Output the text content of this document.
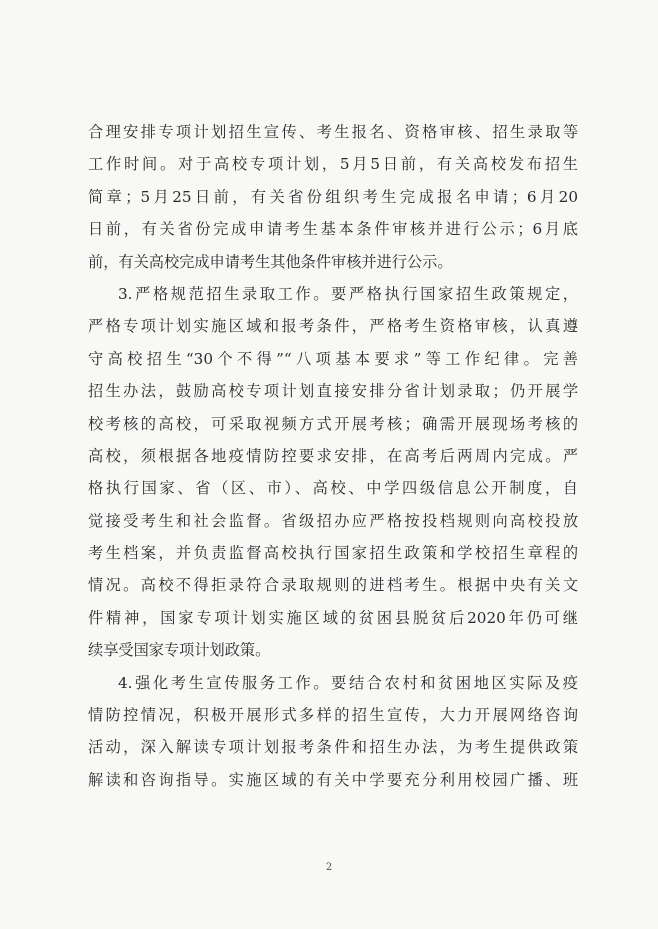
合理安排专项计划招生宣传、考生报名、资格审核、招生录取等
工作时间。对于高校专项计划，5月5日前，有关高校发布招生
简章；5月25日前，有关省份组织考生完成报名申请；6月20
日前，有关省份完成申请考生基本条件审核并进行公示；6月底
前，有关高校完成申请考生其他条件审核并进行公示。
3.严格规范招生录取工作。要严格执行国家招生政策规定，
严格专项计划实施区域和报考条件，严格考生资格审核，认真遵
守高校招生“30个不得”“八项基本要求”等工作纪律。完善
招生办法，鼓励高校专项计划直接安排分省计划录取；仍开展学
校考核的高校，可采取视频方式开展考核；确需开展现场考核的
高校，须根据各地疫情防控要求安排，在高考后两周内完成。严
格执行国家、省（区、市）、高校、中学四级信息公开制度，自
觉接受考生和社会监督。省级招办应严格按投档规则向高校投放
考生档案，并负责监督高校执行国家招生政策和学校招生章程的
情况。高校不得拒录符合录取规则的进档考生。根据中央有关文
件精神，国家专项计划实施区域的贫困县脱贫后2020年仍可继
续享受国家专项计划政策。
4.强化考生宣传服务工作。要结合农村和贫困地区实际及疫
情防控情况，积极开展形式多样的招生宣传，大力开展网络咨询
活动，深入解读专项计划报考条件和招生办法，为考生提供政策
解读和咨询指导。实施区域的有关中学要充分利用校园广播、班
2
